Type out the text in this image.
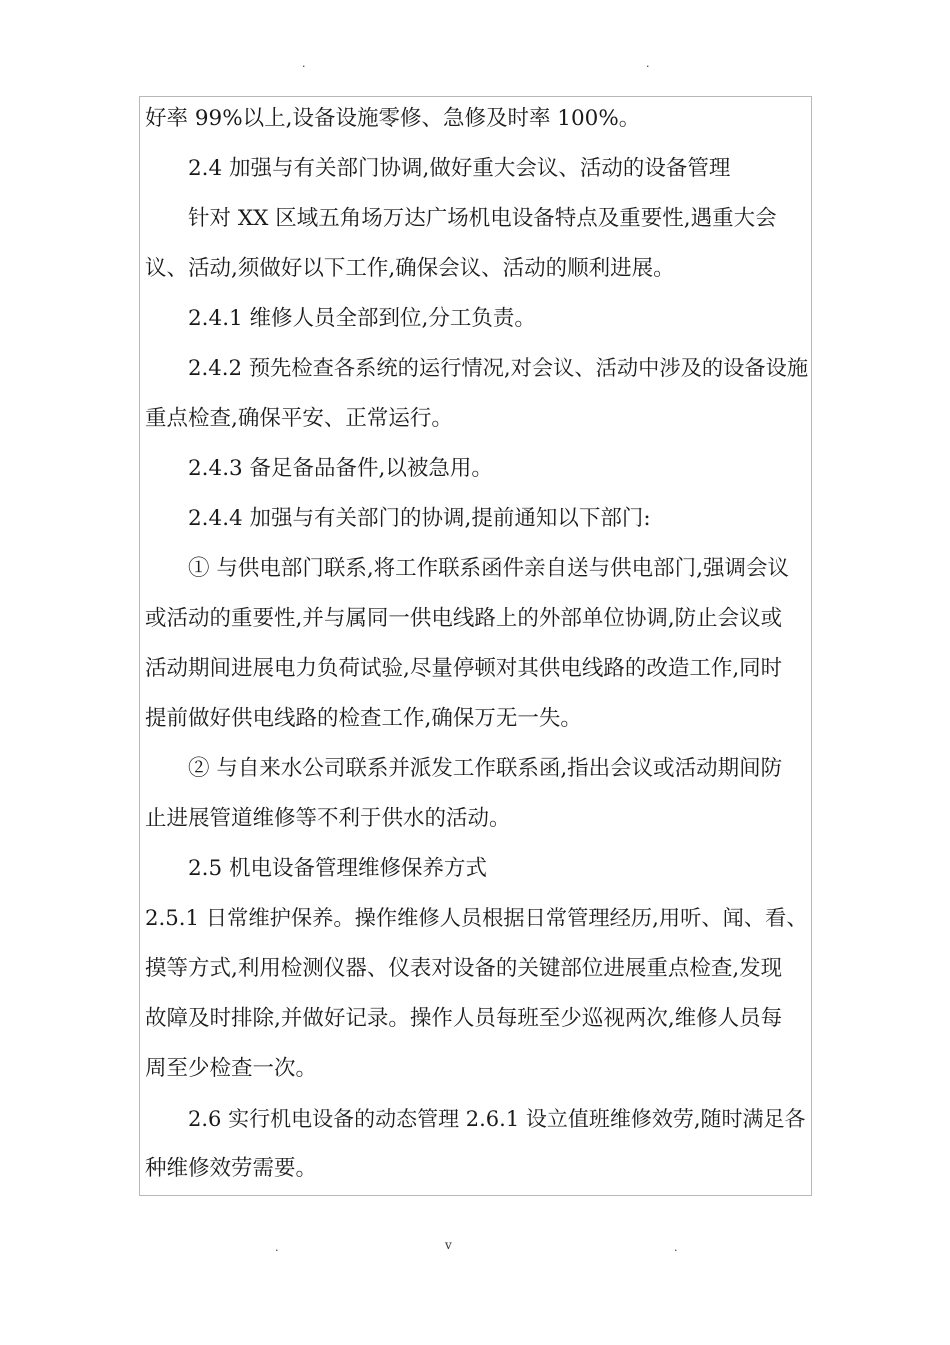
.	.
好率 99%以上,设备设施零修、急修及时率 100%。
2.4 加强与有关部门协调,做好重大会议、活动的设备管理
针对 XX 区域五角场万达广场机电设备特点及重要性,遇重大会
议、活动,须做好以下工作,确保会议、活动的顺利进展。
2.4.1 维修人员全部到位,分工负责。
2.4.2 预先检查各系统的运行情况,对会议、活动中涉及的设备设施
重点检查,确保平安、正常运行。
2.4.3 备足备品备件,以被急用。
2.4.4 加强与有关部门的协调,提前通知以下部门:
① 与供电部门联系,将工作联系函件亲自送与供电部门,强调会议
或活动的重要性,并与属同一供电线路上的外部单位协调,防止会议或
活动期间进展电力负荷试验,尽量停顿对其供电线路的改造工作,同时
提前做好供电线路的检查工作,确保万无一失。
② 与自来水公司联系并派发工作联系函,指出会议或活动期间防
止进展管道维修等不利于供水的活动。
2.5 机电设备管理维修保养方式
2.5.1 日常维护保养。操作维修人员根据日常管理经历,用听、闻、看、
摸等方式,利用检测仪器、仪表对设备的关键部位进展重点检查,发现
故障及时排除,并做好记录。操作人员每班至少巡视两次,维修人员每
周至少检查一次。
2.6 实行机电设备的动态管理 2.6.1 设立值班维修效劳,随时满足各
种维修效劳需要。
.	v	.
